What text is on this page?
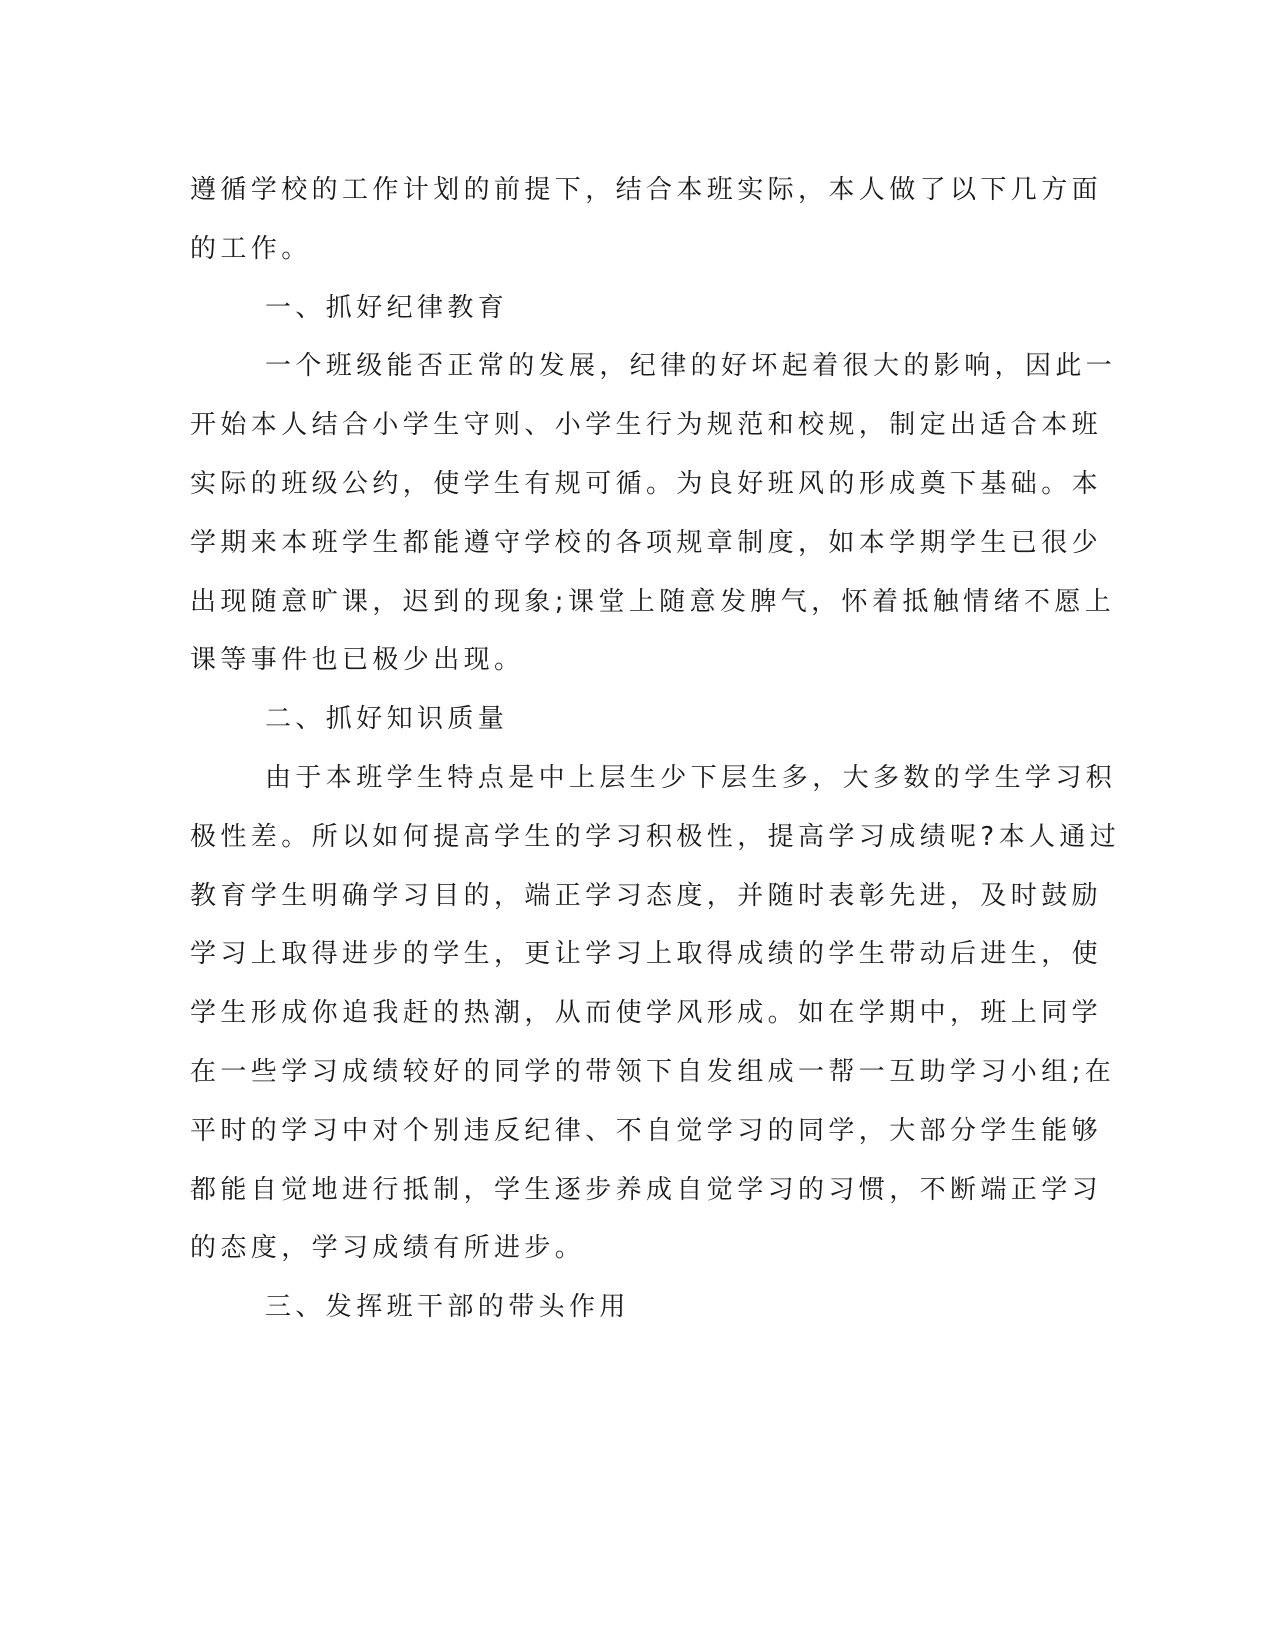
遵循学校的工作计划的前提下，结合本班实际，本人做了以下几方面
的工作。
一、抓好纪律教育
一个班级能否正常的发展，纪律的好坏起着很大的影响，因此一
开始本人结合小学生守则、小学生行为规范和校规，制定出适合本班
实际的班级公约，使学生有规可循。为良好班风的形成奠下基础。本
学期来本班学生都能遵守学校的各项规章制度，如本学期学生已很少
出现随意旷课，迟到的现象;课堂上随意发脾气，怀着抵触情绪不愿上
课等事件也已极少出现。
二、抓好知识质量
由于本班学生特点是中上层生少下层生多，大多数的学生学习积
极性差。所以如何提高学生的学习积极性，提高学习成绩呢?本人通过
教育学生明确学习目的，端正学习态度，并随时表彰先进，及时鼓励
学习上取得进步的学生，更让学习上取得成绩的学生带动后进生，使
学生形成你追我赶的热潮，从而使学风形成。如在学期中，班上同学
在一些学习成绩较好的同学的带领下自发组成一帮一互助学习小组;在
平时的学习中对个别违反纪律、不自觉学习的同学，大部分学生能够
都能自觉地进行抵制，学生逐步养成自觉学习的习惯，不断端正学习
的态度，学习成绩有所进步。
三、发挥班干部的带头作用
